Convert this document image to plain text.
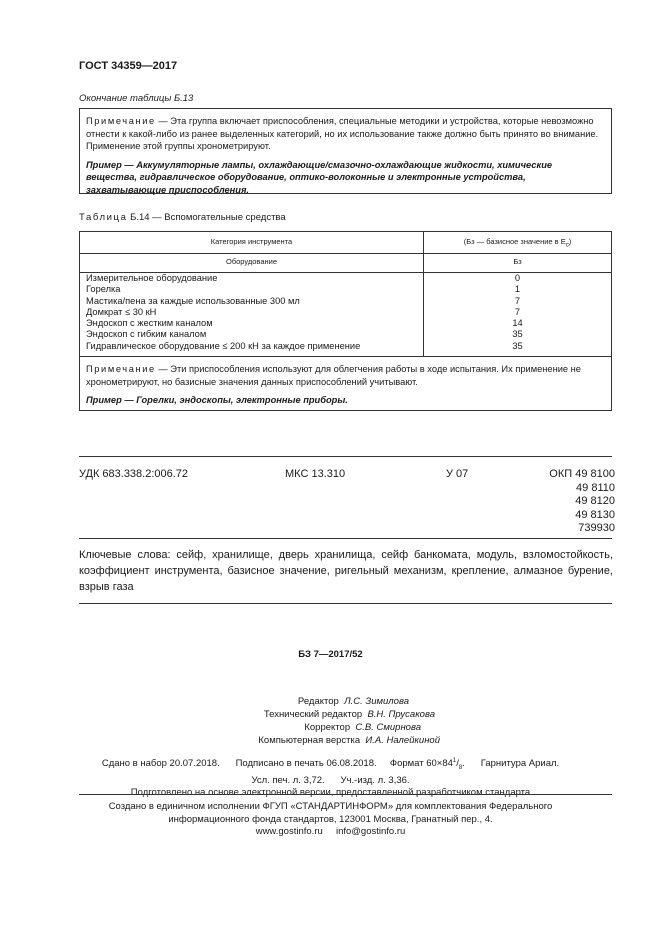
ГОСТ 34359—2017
Окончание таблицы Б.13
Примечание — Эта группа включает приспособления, специальные методики и устройства, которые невозможно отнести к какой-либо из ранее выделенных категорий, но их использование также должно быть принято во внимание. Применение этой группы хронометрируют.
Пример — Аккумуляторные лампы, охлаждающие/смазочно-охлаждающие жидкости, химические вещества, гидравлическое оборудование, оптико-волоконные и электронные устройства, захватывающие приспособления.
Таблица Б.14 — Вспомогательные средства
Категория инструмента	(Бз — базисное значение в $Е_с$)
Оборудование	Бз
Измерительное оборудование	0
Горелка	1
Мастика/пена за каждые использованные 300 мл	7
Домкрат ≤ 30 кН	7
Эндоскоп с жестким каналом	14
Эндоскоп с гибким каналом	35
Гидравлическое оборудование ≤ 200 кН за каждое применение	35
Примечание — Эти приспособления используют для облегчения работы в ходе испытания. Их применение не хронометрируют, но базисные значения данных приспособлений учитывают.
Пример — Горелки, эндоскопы, электронные приборы.
УДК 683.338.2:006.72	МКС 13.310	У 07	ОКП 49 8100
49 8110
49 8120
49 8130
739930
Ключевые слова: сейф, хранилище, дверь хранилища, сейф банкомата, модуль, взломостойкость, коэффициент инструмента, базисное значение, ригельный механизм, крепление, алмазное бурение, взрыв газа
БЗ 7—2017/52
Редактор Л.С. Зимилова
Технический редактор В.Н. Прусакова
Корректор С.В. Смирнова
Компьютерная верстка И.А. Налейкиной
Сдано в набор 20.07.2018. Подписано в печать 06.08.2018. Формат $60\times 84^1/_8$.      Гарнитура Ариал.
Усл. печ. л. 3,72. Уч.-изд. л. 3,36.
Подготовлено на основе электронной версии, предоставленной разработчиком стандарта
Создано в единичном исполнении ФГУП «СТАНДАРТИНФОРМ» для комплектования Федерального
информационного фонда стандартов, 123001 Москва, Гранатный пер., 4.
www.gostinfo.ru info@gostinfo.ru
